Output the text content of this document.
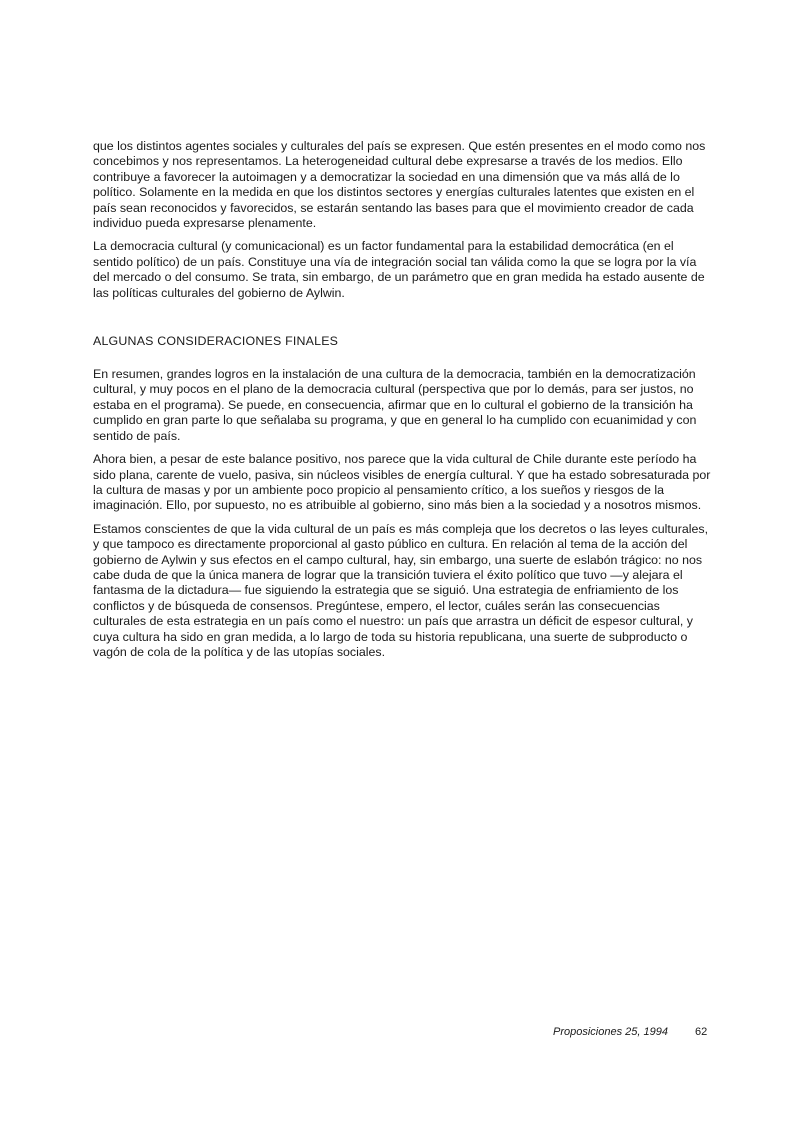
que los distintos agentes sociales y culturales del país se expresen. Que estén presentes en el modo como nos concebimos y nos representamos. La heterogeneidad cultural debe expresarse a través de los medios. Ello contribuye a favorecer la autoimagen y a democratizar la sociedad en una dimensión que va más allá de lo político. Solamente en la medida en que los distintos sectores y energías culturales latentes que existen en el país sean reconocidos y favorecidos, se estarán sentando las bases para que el movimiento creador de cada individuo pueda expresarse plenamente.

La democracia cultural (y comunicacional) es un factor fundamental para la estabilidad democrática (en el sentido político) de un país. Constituye una vía de integración social tan válida como la que se logra por la vía del mercado o del consumo. Se trata, sin embargo, de un parámetro que en gran medida ha estado ausente de las políticas culturales del gobierno de Aylwin.

ALGUNAS CONSIDERACIONES FINALES

En resumen, grandes logros en la instalación de una cultura de la democracia, también en la democratización cultural, y muy pocos en el plano de la democracia cultural (perspectiva que por lo demás, para ser justos, no estaba en el programa). Se puede, en consecuencia, afirmar que en lo cultural el gobierno de la transición ha cumplido en gran parte lo que señalaba su programa, y que en general lo ha cumplido con ecuanimidad y con sentido de país.

Ahora bien, a pesar de este balance positivo, nos parece que la vida cultural de Chile durante este período ha sido plana, carente de vuelo, pasiva, sin núcleos visibles de energía cultural. Y que ha estado sobresaturada por la cultura de masas y por un ambiente poco propicio al pensamiento crítico, a los sueños y riesgos de la imaginación. Ello, por supuesto, no es atribuible al gobierno, sino más bien a la sociedad y a nosotros mismos.

Estamos conscientes de que la vida cultural de un país es más compleja que los decretos o las leyes culturales, y que tampoco es directamente proporcional al gasto público en cultura. En relación al tema de la acción del gobierno de Aylwin y sus efectos en el campo cultural, hay, sin embargo, una suerte de eslabón trágico: no nos cabe duda de que la única manera de lograr que la transición tuviera el éxito político que tuvo —y alejara el fantasma de la dictadura— fue siguiendo la estrategia que se siguió. Una estrategia de enfriamiento de los conflictos y de búsqueda de consensos. Pregúntese, empero, el lector, cuáles serán las consecuencias culturales de esta estrategia en un país como el nuestro: un país que arrastra un déficit de espesor cultural, y cuya cultura ha sido en gran medida, a lo largo de toda su historia republicana, una suerte de subproducto o vagón de cola de la política y de las utopías sociales.

Proposiciones 25, 1994 62
